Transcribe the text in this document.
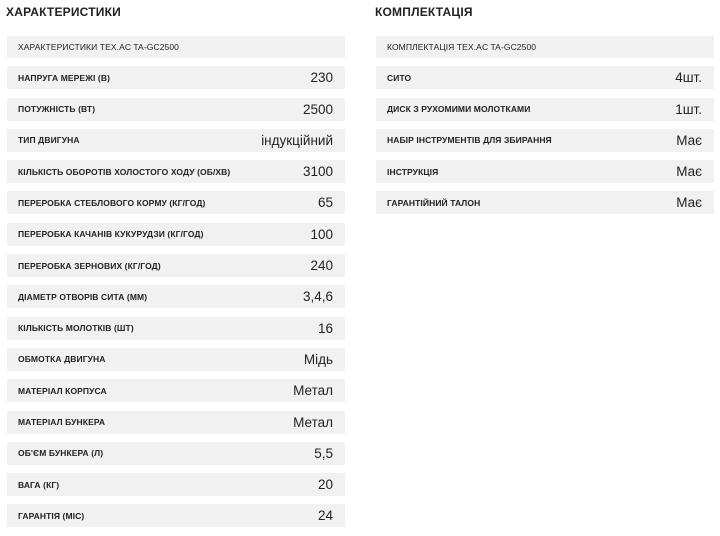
ХАРАКТЕРИСТИКИ
ХАРАКТЕРИСТИКИ TEX.AC TA-GC2500
НАПРУГА МЕРЕЖІ (В)	230
ПОТУЖНІСТЬ (ВТ)	2500
ТИП ДВИГУНА	індукційний
КІЛЬКІСТЬ ОБОРОТІВ ХОЛОСТОГО ХОДУ (ОБ/ХВ)	3100
ПЕРЕРОБКА СТЕБЛОВОГО КОРМУ (КГ/ГОД)	65
ПЕРЕРОБКА КАЧАНІВ КУКУРУДЗИ (КГ/ГОД)	100
ПЕРЕРОБКА ЗЕРНОВИХ (КГ/ГОД)	240
ДІАМЕТР ОТВОРІВ СИТА (ММ)	3,4,6
КІЛЬКІСТЬ МОЛОТКІВ (ШТ)	16
ОБМОТКА ДВИГУНА	Мідь
МАТЕРІАЛ КОРПУСА	Метал
МАТЕРІАЛ БУНКЕРА	Метал
ОБ'ЄМ БУНКЕРА (Л)	5,5
ВАГА (КГ)	20
ГАРАНТІЯ (МІС)	24
КОМПЛЕКТАЦІЯ
КОМПЛЕКТАЦІЯ TEX.AC TA-GC2500
СИТО	4шт.
ДИСК З РУХОМИМИ МОЛОТКАМИ	1шт.
НАБІР ІНСТРУМЕНТІВ ДЛЯ ЗБИРАННЯ	Має
ІНСТРУКЦІЯ	Має
ГАРАНТІЙНИЙ ТАЛОН	Має
